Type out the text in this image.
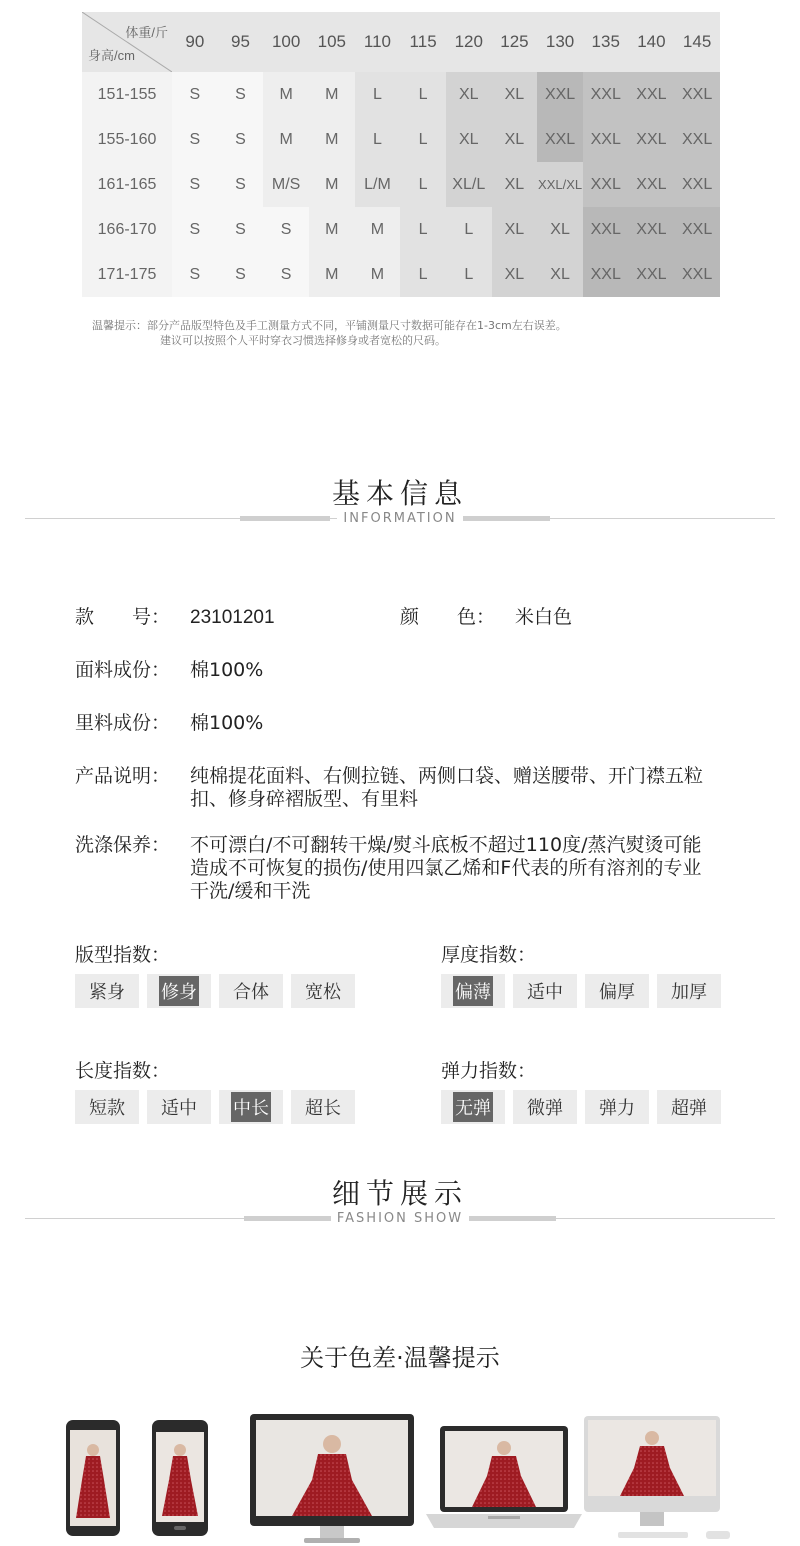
体重/斤
身高/cm	90	95	100	105	110	115	120	125	130	135	140	145
151-155	S	S	M	M	L	L	XL	XL	XXL	XXL	XXL	XXL
155-160	S	S	M	M	L	L	XL	XL	XXL	XXL	XXL	XXL
161-165	S	S	M/S	M	L/M	L	XL/L	XL	XXL/XL	XXL	XXL	XXL
166-170	S	S	S	M	M	L	L	XL	XL	XXL	XXL	XXL
171-175	S	S	S	M	M	L	L	XL	XL	XXL	XXL	XXL
温馨提示：部分产品版型特色及手工测量方式不同，平铺测量尺寸数据可能存在1-3cm左右误差。
建议可以按照个人平时穿衣习惯选择修身或者宽松的尺码。
基本信息
INFORMATION
款　　号： 23101201	颜　　色： 米白色
面料成份： 棉100%
里料成份： 棉100%
产品说明： 纯棉提花面料、右侧拉链、两侧口袋、赠送腰带、开门襟五粒扣、修身碎褶版型、有里料
洗涤保养： 不可漂白/不可翻转干燥/熨斗底板不超过110度/蒸汽熨烫可能造成不可恢复的损伤/使用四氯乙烯和F代表的所有溶剂的专业干洗/缓和干洗
版型指数：
紧身 修身 合体 宽松
厚度指数：
偏薄 适中 偏厚 加厚
长度指数：
短款 适中 中长 超长
弹力指数：
无弹 微弹 弹力 超弹
细节展示
FASHION SHOW
关于色差·温馨提示
